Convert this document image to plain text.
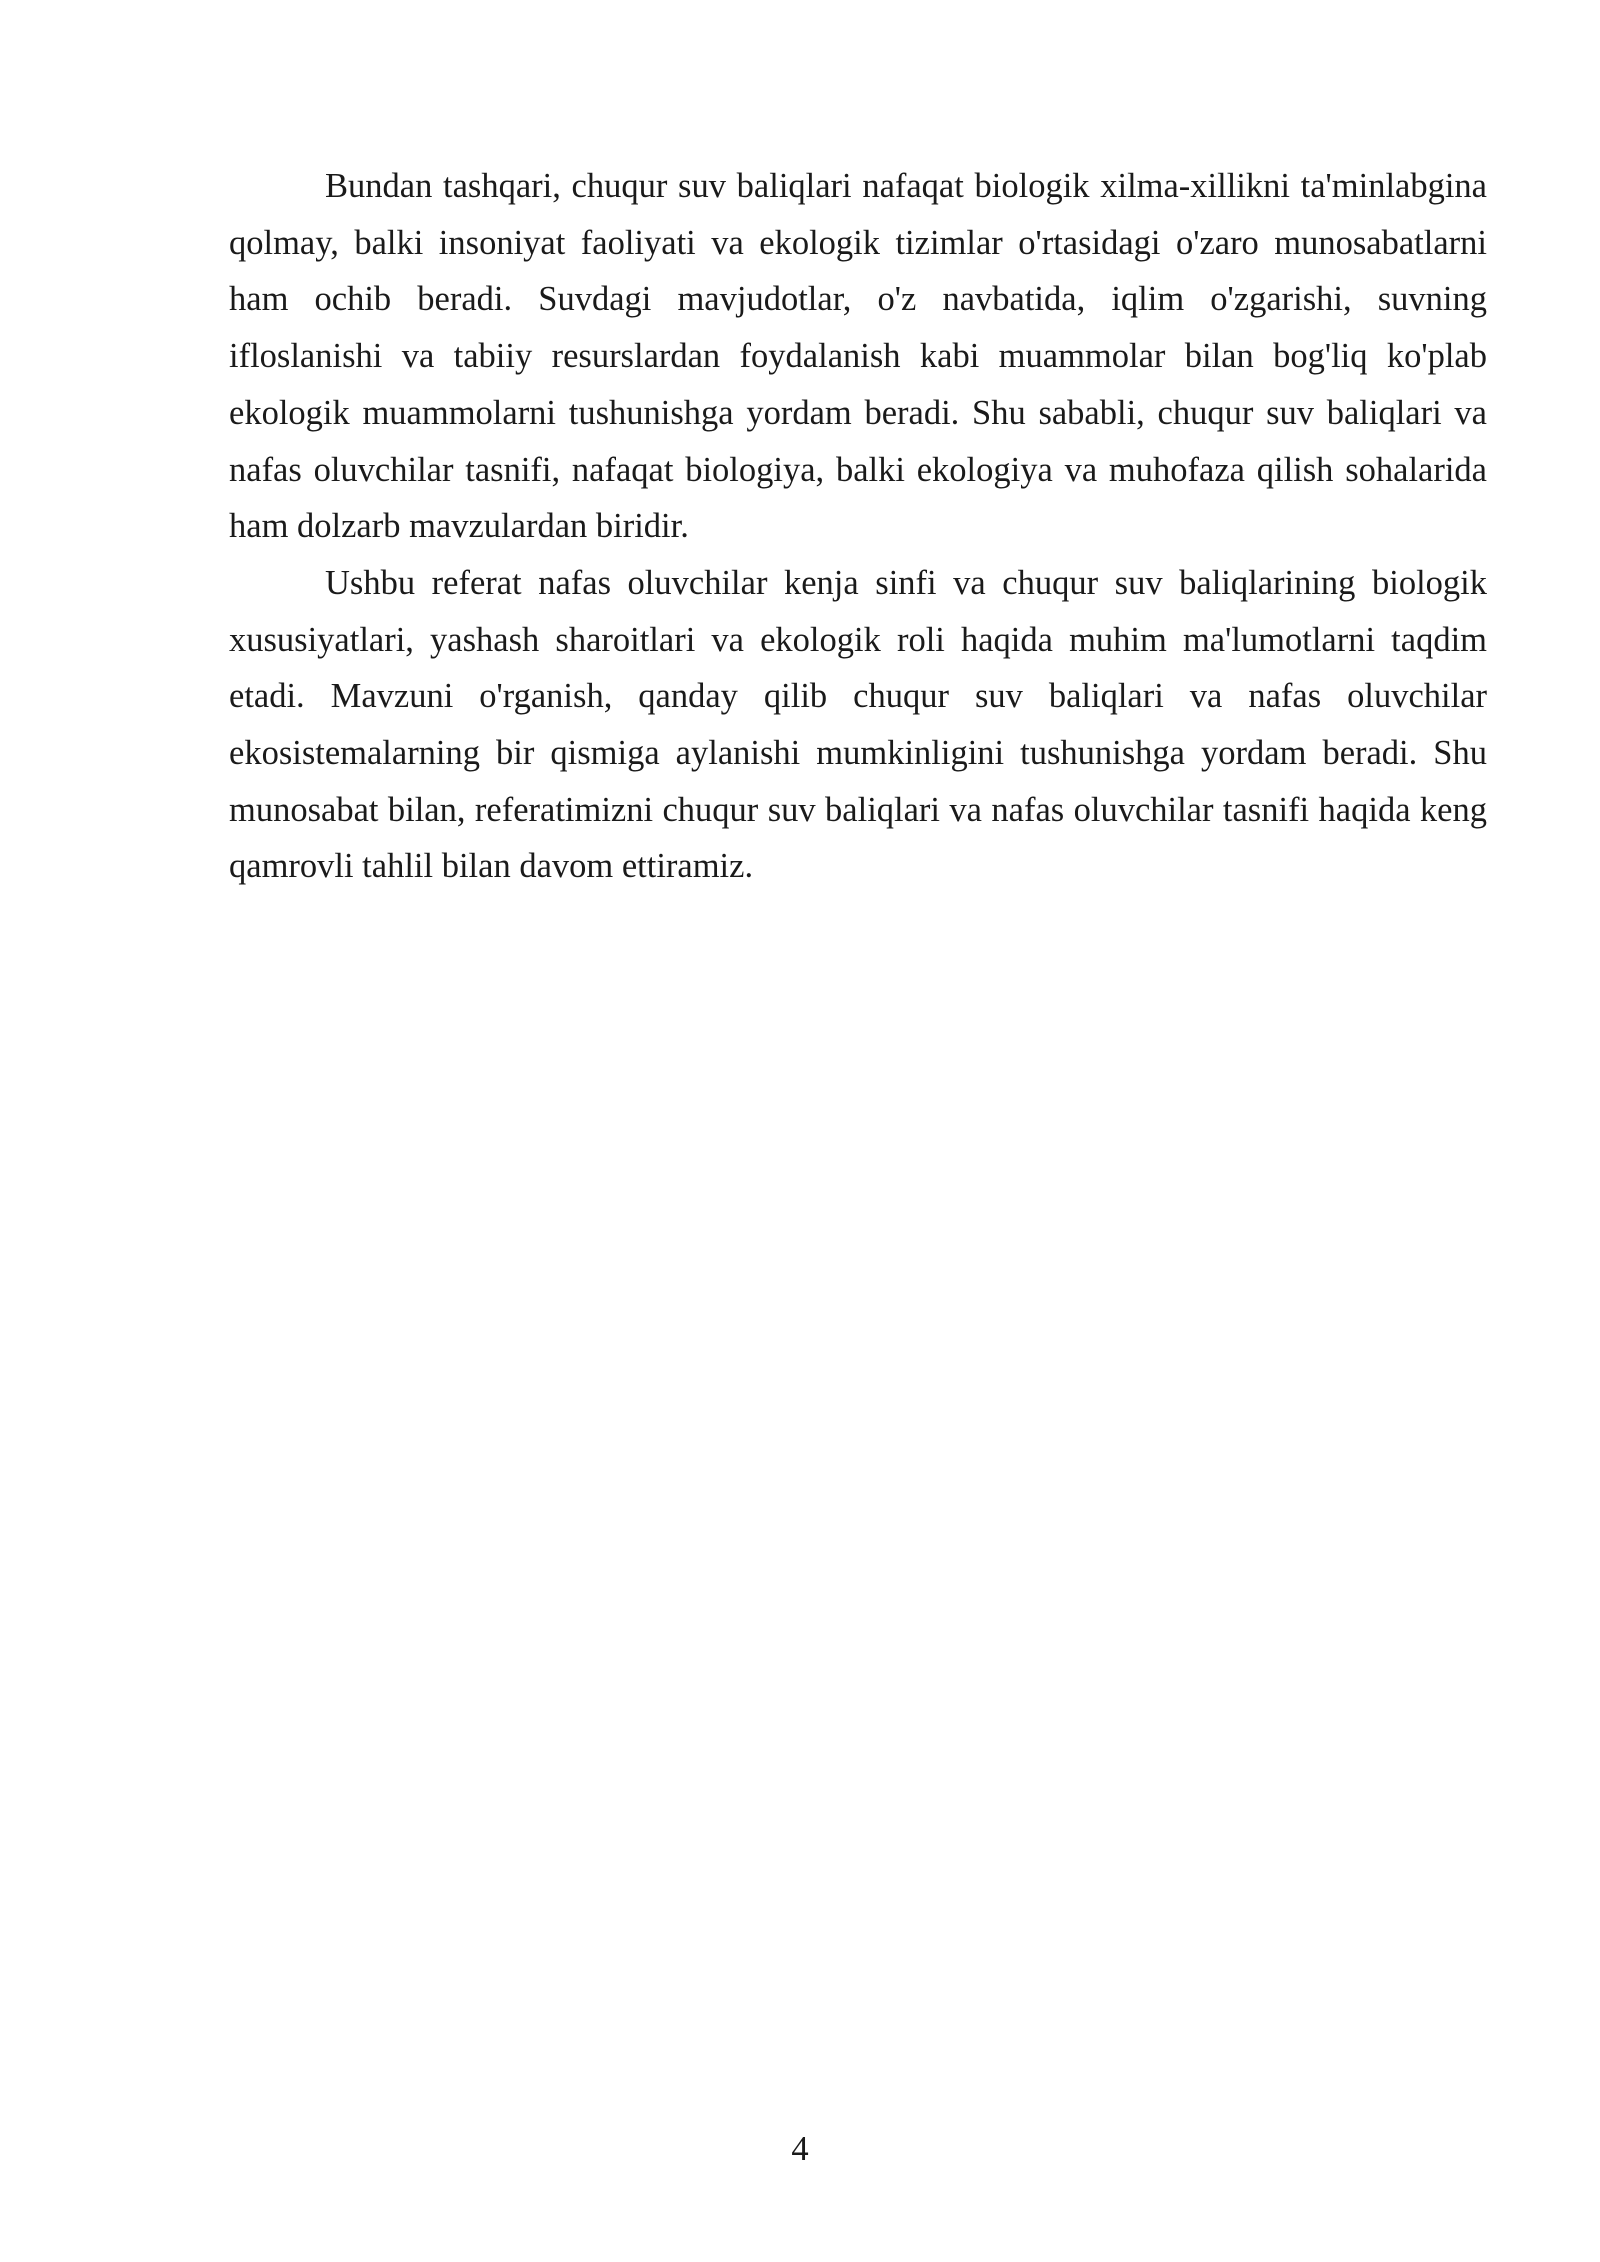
Bundan tashqari, chuqur suv baliqlari nafaqat biologik xilma-xillikni ta'minlabgina qolmay, balki insoniyat faoliyati va ekologik tizimlar o'rtasidagi o'zaro munosabatlarni ham ochib beradi. Suvdagi mavjudotlar, o'z navbatida, iqlim o'zgarishi, suvning ifloslanishi va tabiiy resurslardan foydalanish kabi muammolar bilan bog'liq ko'plab ekologik muammolarni tushunishga yordam beradi. Shu sababli, chuqur suv baliqlari va nafas oluvchilar tasnifi, nafaqat biologiya, balki ekologiya va muhofaza qilish sohalarida ham dolzarb mavzulardan biridir.

Ushbu referat nafas oluvchilar kenja sinfi va chuqur suv baliqlarining biologik xususiyatlari, yashash sharoitlari va ekologik roli haqida muhim ma'lumotlarni taqdim etadi. Mavzuni o'rganish, qanday qilib chuqur suv baliqlari va nafas oluvchilar ekosistemalarning bir qismiga aylanishi mumkinligini tushunishga yordam beradi. Shu munosabat bilan, referatimizni chuqur suv baliqlari va nafas oluvchilar tasnifi haqida keng qamrovli tahlil bilan davom ettiramiz.

4
